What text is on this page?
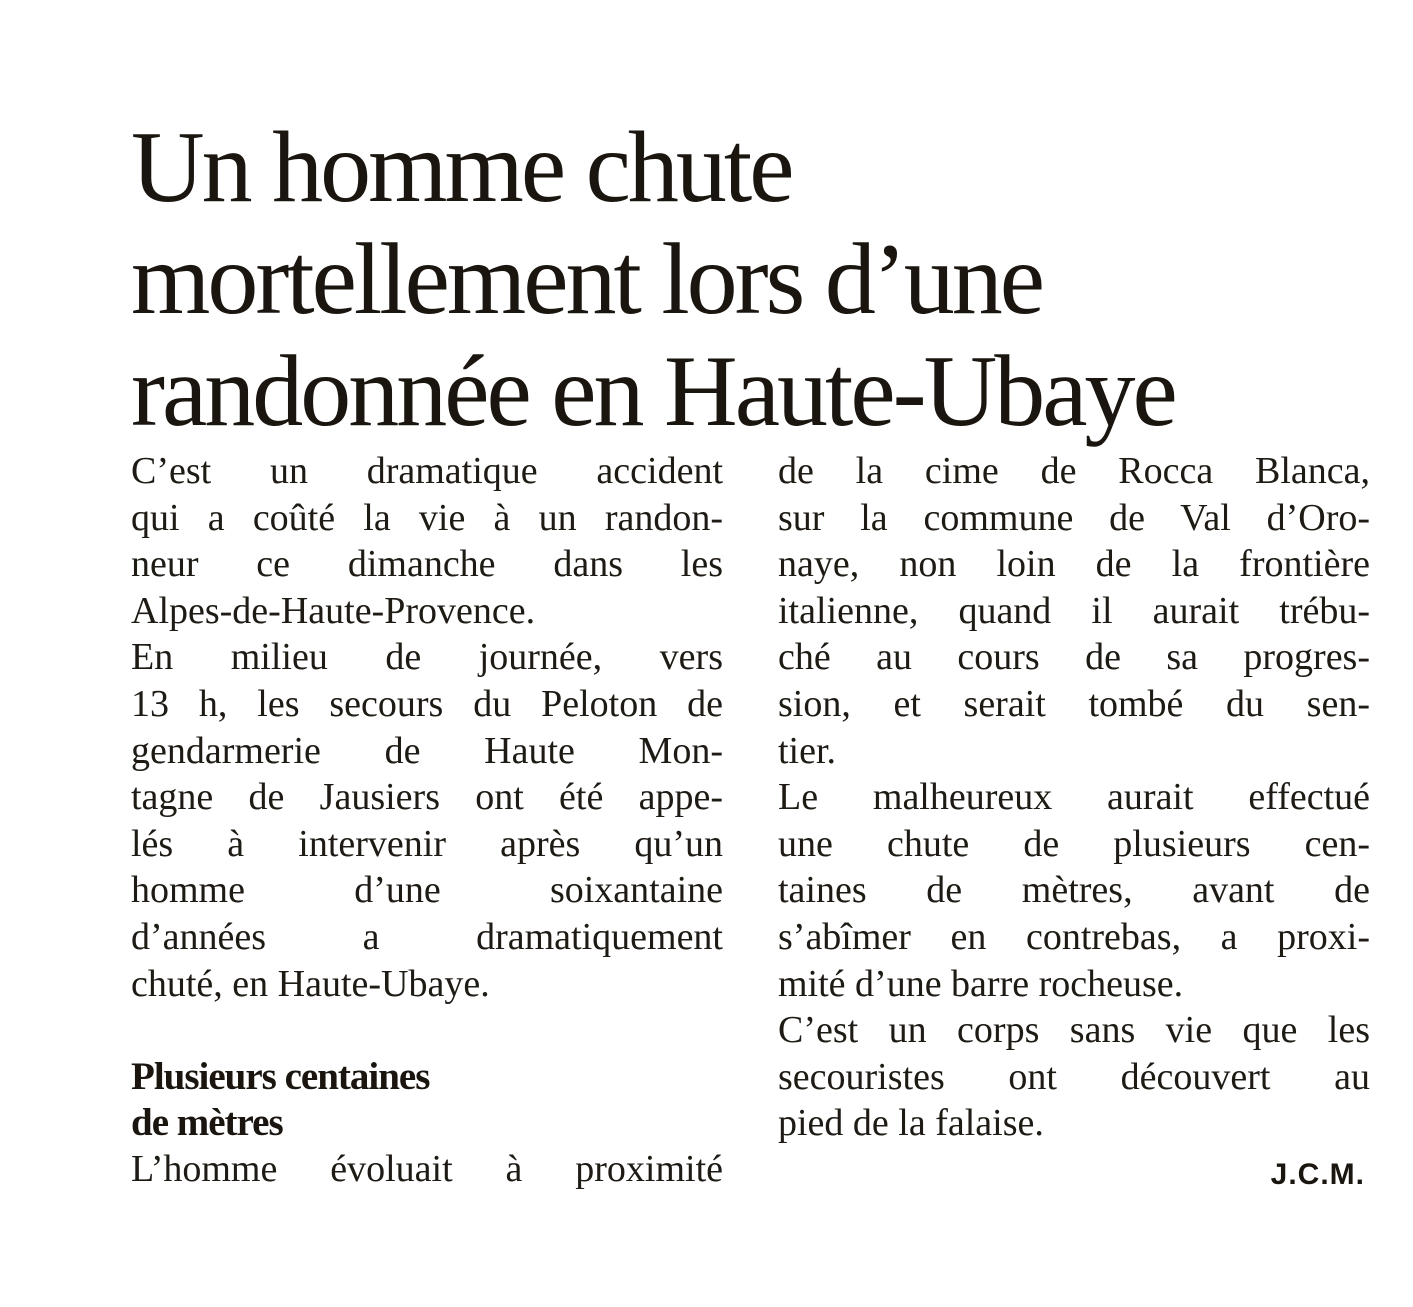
Un homme chute
mortellement lors d’une
randonnée en Haute-Ubaye
C’est un dramatique accident
qui a coûté la vie à un randon-
neur ce dimanche dans les
Alpes-de-Haute-Provence.
En milieu de journée, vers
13 h, les secours du Peloton de
gendarmerie de Haute Mon-
tagne de Jausiers ont été appe-
lés à intervenir après qu’un
homme d’une soixantaine
d’années a dramatiquement
chuté, en Haute-Ubaye.
Plusieurs centaines
de mètres
L’homme évoluait à proximité
de la cime de Rocca Blanca,
sur la commune de Val d’Oro-
naye, non loin de la frontière
italienne, quand il aurait trébu-
ché au cours de sa progres-
sion, et serait tombé du sen-
tier.
Le malheureux aurait effectué
une chute de plusieurs cen-
taines de mètres, avant de
s’abîmer en contrebas, a proxi-
mité d’une barre rocheuse.
C’est un corps sans vie que les
secouristes ont découvert au
pied de la falaise.
J.C.M.
